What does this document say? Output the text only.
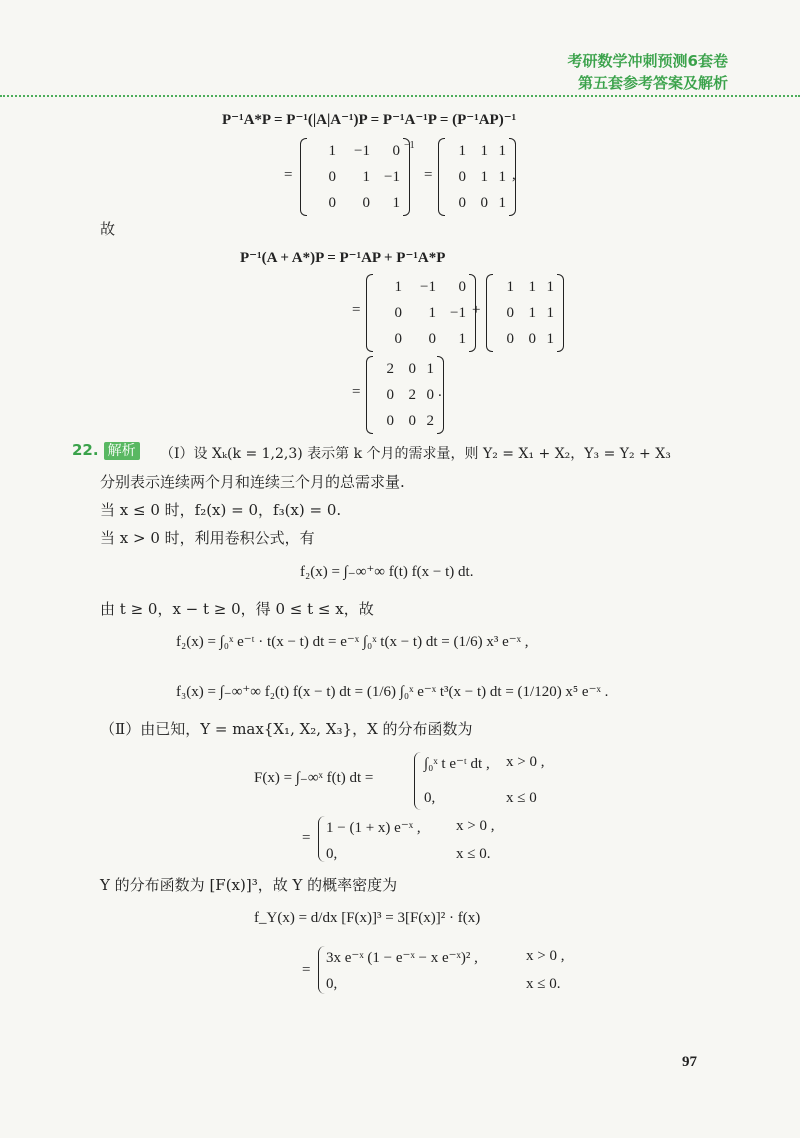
考研数学冲刺预测6套卷
第五套参考答案及解析
P⁻¹A*P = P⁻¹(|A|A⁻¹)P = P⁻¹A⁻¹P = (P⁻¹AP)⁻¹
=
1	−1	0
0	1 −1
0	0	1
−1
=
1 1 1
0 1 1
0 0 1
,
故
P⁻¹(A + A*)P = P⁻¹AP + P⁻¹A*P
=
1	−1	0
0	1 −1
0	0	1
+
1 1 1
0 1 1
0 0 1
=
2 0 1
0 2 0
0 0 2
.
22. 解析 （Ⅰ）设 Xₖ(k = 1,2,3) 表示第 k 个月的需求量，则 Y₂ = X₁ + X₂，Y₃ = Y₂ + X₃
分别表示连续两个月和连续三个月的总需求量.
当 x ≤ 0 时，f₂(x) = 0，f₃(x) = 0.
当 x > 0 时，利用卷积公式，有
f₂(x) = ∫₋∞⁺∞ f(t) f(x − t) dt.
由 t ≥ 0，x − t ≥ 0，得 0 ≤ t ≤ x，故
f₂(x) = ∫₀ˣ e⁻ᵗ · t(x − t) dt = e⁻ˣ ∫₀ˣ t(x − t) dt = (1/6) x³ e⁻ˣ ,
f₃(x) = ∫₋∞⁺∞ f₂(t) f(x − t) dt = (1/6) ∫₀ˣ e⁻ˣ t³(x − t) dt = (1/120) x⁵ e⁻ˣ .
（Ⅱ）由已知，Y = max{X₁, X₂, X₃}，X 的分布函数为
F(x) = ∫₋∞ˣ f(t) dt =
∫₀ˣ t e⁻ᵗ dt , x > 0 ,
0,	x ≤ 0
=
1 − (1 + x) e⁻ˣ , x > 0 ,
0,	x ≤ 0.
Y 的分布函数为 [F(x)]³，故 Y 的概率密度为
f_Y(x) = d/dx [F(x)]³ = 3[F(x)]² · f(x)
=
3x e⁻ˣ (1 − e⁻ˣ − x e⁻ˣ)² ,	x > 0 ,
0,	x ≤ 0.
97
